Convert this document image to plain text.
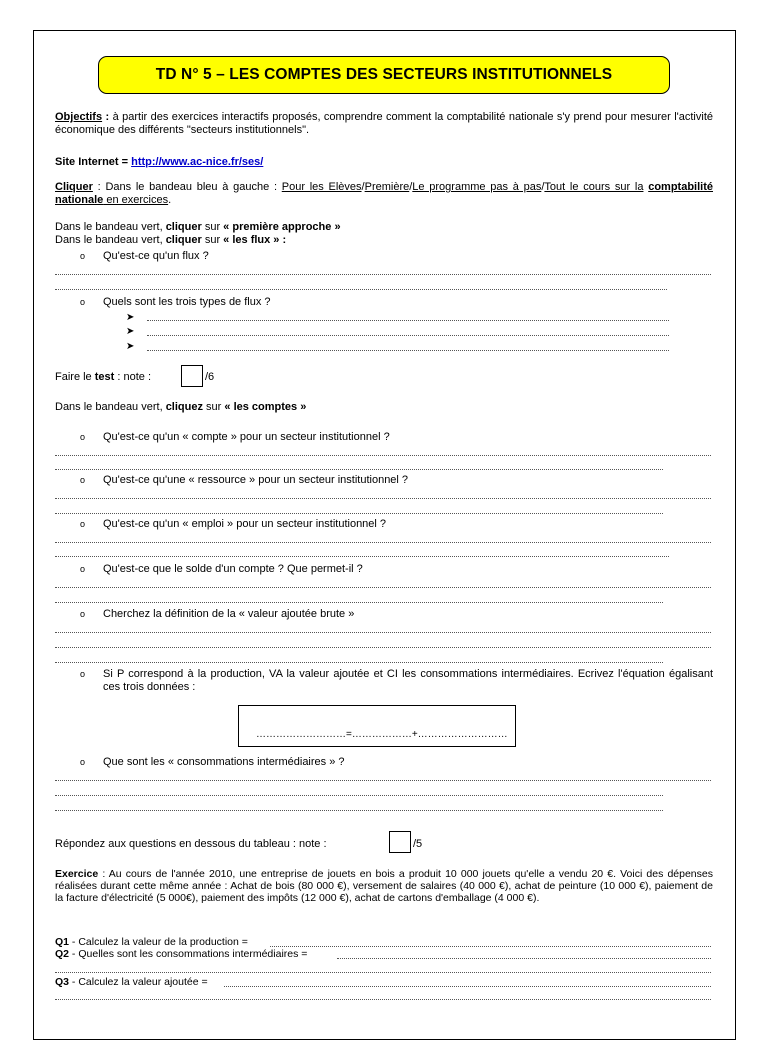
TD N° 5 – LES COMPTES DES SECTEURS INSTITUTIONNELS
Objectifs : à partir des exercices interactifs proposés, comprendre comment la comptabilité nationale s'y prend pour mesurer l'activité économique des différents "secteurs institutionnels".
Site Internet = http://www.ac-nice.fr/ses/
Cliquer : Dans le bandeau bleu à gauche : Pour les Elèves/Première/Le programme pas à pas/Tout le cours sur la comptabilité nationale en exercices.
Dans le bandeau vert, cliquer sur « première approche »
Dans le bandeau vert, cliquer sur « les flux » :
o Qu'est-ce qu'un flux ?
o Quels sont les trois types de flux ?
➤
➤
➤
Faire le test : note :	/6
Dans le bandeau vert, cliquez sur « les comptes »
o Qu'est-ce qu'un « compte » pour un secteur institutionnel ?
o Qu'est-ce qu'une « ressource » pour un secteur institutionnel ?
o Qu'est-ce qu'un « emploi » pour un secteur institutionnel ?
o Qu'est-ce que le solde d'un compte ? Que permet-il ?
o Cherchez la définition de la « valeur ajoutée brute »
o Si P correspond à la production, VA la valeur ajoutée et CI les consommations intermédiaires. Ecrivez l'équation égalisant ces trois données :
………………………=………………+………………………
o Que sont les « consommations intermédiaires » ?
Répondez aux questions en dessous du tableau : note :	/5
Exercice : Au cours de l'année 2010, une entreprise de jouets en bois a produit 10 000 jouets qu'elle a vendu 20 €. Voici des dépenses réalisées durant cette même année : Achat de bois (80 000 €), versement de salaires (40 000 €), achat de peinture (10 000 €), paiement de la facture d'électricité (5 000€), paiement des impôts (12 000 €), achat de cartons d'emballage (4 000 €).
Q1 - Calculez la valeur de la production =
Q2 - Quelles sont les consommations intermédiaires =
Q3 - Calculez la valeur ajoutée =
